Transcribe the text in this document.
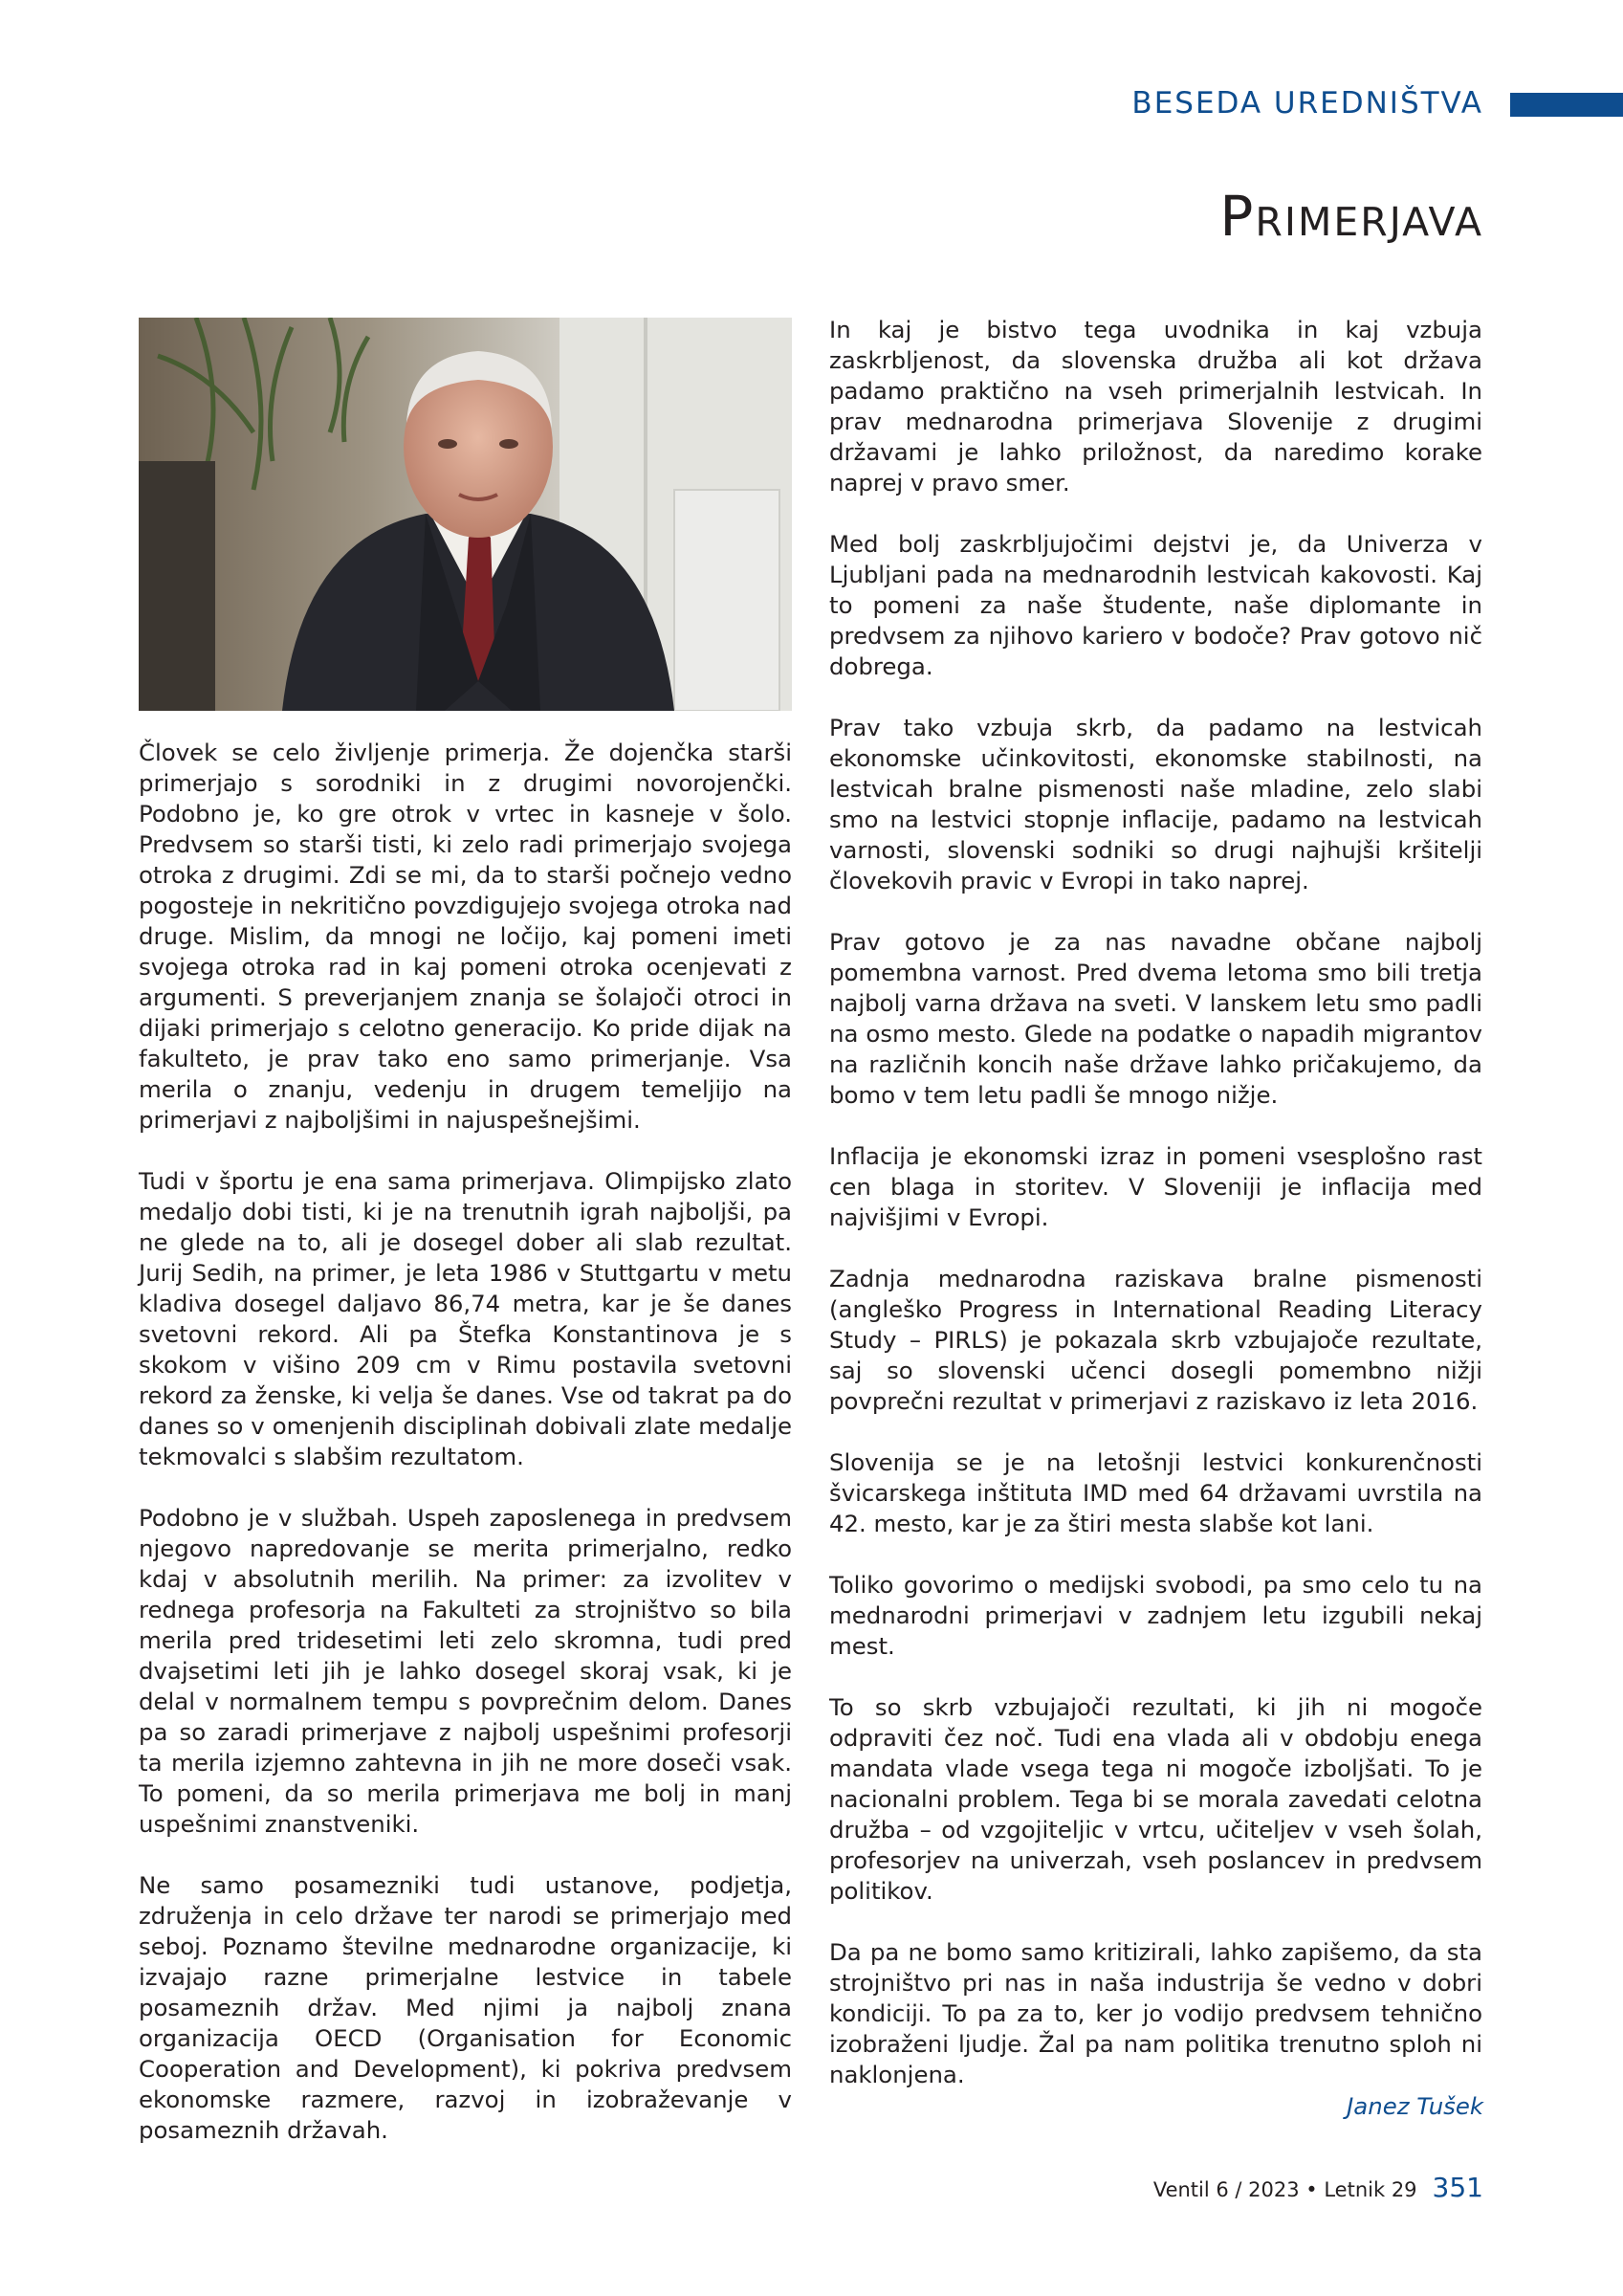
BESEDA UREDNIŠTVA
Primerjava

Človek se celo življenje primerja. Že dojenčka starši primerjajo s sorodniki in z drugimi novorojenčki. Podobno je, ko gre otrok v vrtec in kasneje v šolo. Predvsem so starši tisti, ki zelo radi primerjajo svojega otroka z drugimi. Zdi se mi, da to starši počnejo vedno pogosteje in nekritično povzdigujejo svojega otroka nad druge. Mislim, da mnogi ne ločijo, kaj pomeni imeti svojega otroka rad in kaj pomeni otroka ocenjevati z argumenti. S preverjanjem znanja se šolajoči otroci in dijaki primerjajo s celotno generacijo. Ko pride dijak na fakulteto, je prav tako eno samo primerjanje. Vsa merila o znanju, vedenju in drugem temeljijo na primerjavi z najboljšimi in najuspešnejšimi.

Tudi v športu je ena sama primerjava. Olimpijsko zlato medaljo dobi tisti, ki je na trenutnih igrah najboljši, pa ne glede na to, ali je dosegel dober ali slab rezultat. Jurij Sedih, na primer, je leta 1986 v Stuttgartu v metu kladiva dosegel daljavo 86,74 metra, kar je še danes svetovni rekord. Ali pa Štefka Konstantinova je s skokom v višino 209 cm v Rimu postavila svetovni rekord za ženske, ki velja še danes. Vse od takrat pa do danes so v omenjenih disciplinah dobivali zlate medalje tekmovalci s slabšim rezultatom.

Podobno je v službah. Uspeh zaposlenega in predvsem njegovo napredovanje se merita primerjalno, redko kdaj v absolutnih merilih. Na primer: za izvolitev v rednega profesorja na Fakulteti za strojništvo so bila merila pred tridesetimi leti zelo skromna, tudi pred dvajsetimi leti jih je lahko dosegel skoraj vsak, ki je delal v normalnem tempu s povprečnim delom. Danes pa so zaradi primerjave z najbolj uspešnimi profesorji ta merila izjemno zahtevna in jih ne more doseči vsak. To pomeni, da so merila primerjava me bolj in manj uspešnimi znanstveniki.

Ne samo posamezniki tudi ustanove, podjetja, združenja in celo države ter narodi se primerjajo med seboj. Poznamo številne mednarodne organizacije, ki izvajajo razne primerjalne lestvice in tabele posameznih držav. Med njimi ja najbolj znana organizacija OECD (Organisation for Economic Cooperation and Development), ki pokriva predvsem ekonomske razmere, razvoj in izobraževanje v posameznih državah.

In kaj je bistvo tega uvodnika in kaj vzbuja zaskrbljenost, da slovenska družba ali kot država padamo praktično na vseh primerjalnih lestvicah. In prav mednarodna primerjava Slovenije z drugimi državami je lahko priložnost, da naredimo korake naprej v pravo smer.

Med bolj zaskrbljujočimi dejstvi je, da Univerza v Ljubljani pada na mednarodnih lestvicah kakovosti. Kaj to pomeni za naše študente, naše diplomante in predvsem za njihovo kariero v bodoče? Prav gotovo nič dobrega.

Prav tako vzbuja skrb, da padamo na lestvicah ekonomske učinkovitosti, ekonomske stabilnosti, na lestvicah bralne pismenosti naše mladine, zelo slabi smo na lestvici stopnje inflacije, padamo na lestvicah varnosti, slovenski sodniki so drugi najhujši kršitelji človekovih pravic v Evropi in tako naprej.

Prav gotovo je za nas navadne občane najbolj pomembna varnost. Pred dvema letoma smo bili tretja najbolj varna država na sveti. V lanskem letu smo padli na osmo mesto. Glede na podatke o napadih migrantov na različnih koncih naše države lahko pričakujemo, da bomo v tem letu padli še mnogo nižje.

Inflacija je ekonomski izraz in pomeni vsesplošno rast cen blaga in storitev. V Sloveniji je inflacija med najvišjimi v Evropi.

Zadnja mednarodna raziskava bralne pismenosti (angleško Progress in International Reading Literacy Study – PIRLS) je pokazala skrb vzbujajoče rezultate, saj so slovenski učenci dosegli pomembno nižji povprečni rezultat v primerjavi z raziskavo iz leta 2016.

Slovenija se je na letošnji lestvici konkurenčnosti švicarskega inštituta IMD med 64 državami uvrstila na 42. mesto, kar je za štiri mesta slabše kot lani.

Toliko govorimo o medijski svobodi, pa smo celo tu na mednarodni primerjavi v zadnjem letu izgubili nekaj mest.

To so skrb vzbujajoči rezultati, ki jih ni mogoče odpraviti čez noč. Tudi ena vlada ali v obdobju enega mandata vlade vsega tega ni mogoče izboljšati. To je nacionalni problem. Tega bi se morala zavedati celotna družba – od vzgojiteljic v vrtcu, učiteljev v vseh šolah, profesorjev na univerzah, vseh poslancev in predvsem politikov.

Da pa ne bomo samo kritizirali, lahko zapišemo, da sta strojništvo pri nas in naša industrija še vedno v dobri kondiciji. To pa za to, ker jo vodijo predvsem tehnično izobraženi ljudje. Žal pa nam politika trenutno sploh ni naklonjena.

Janez Tušek
Ventil 6 / 2023 • Letnik 29 351
